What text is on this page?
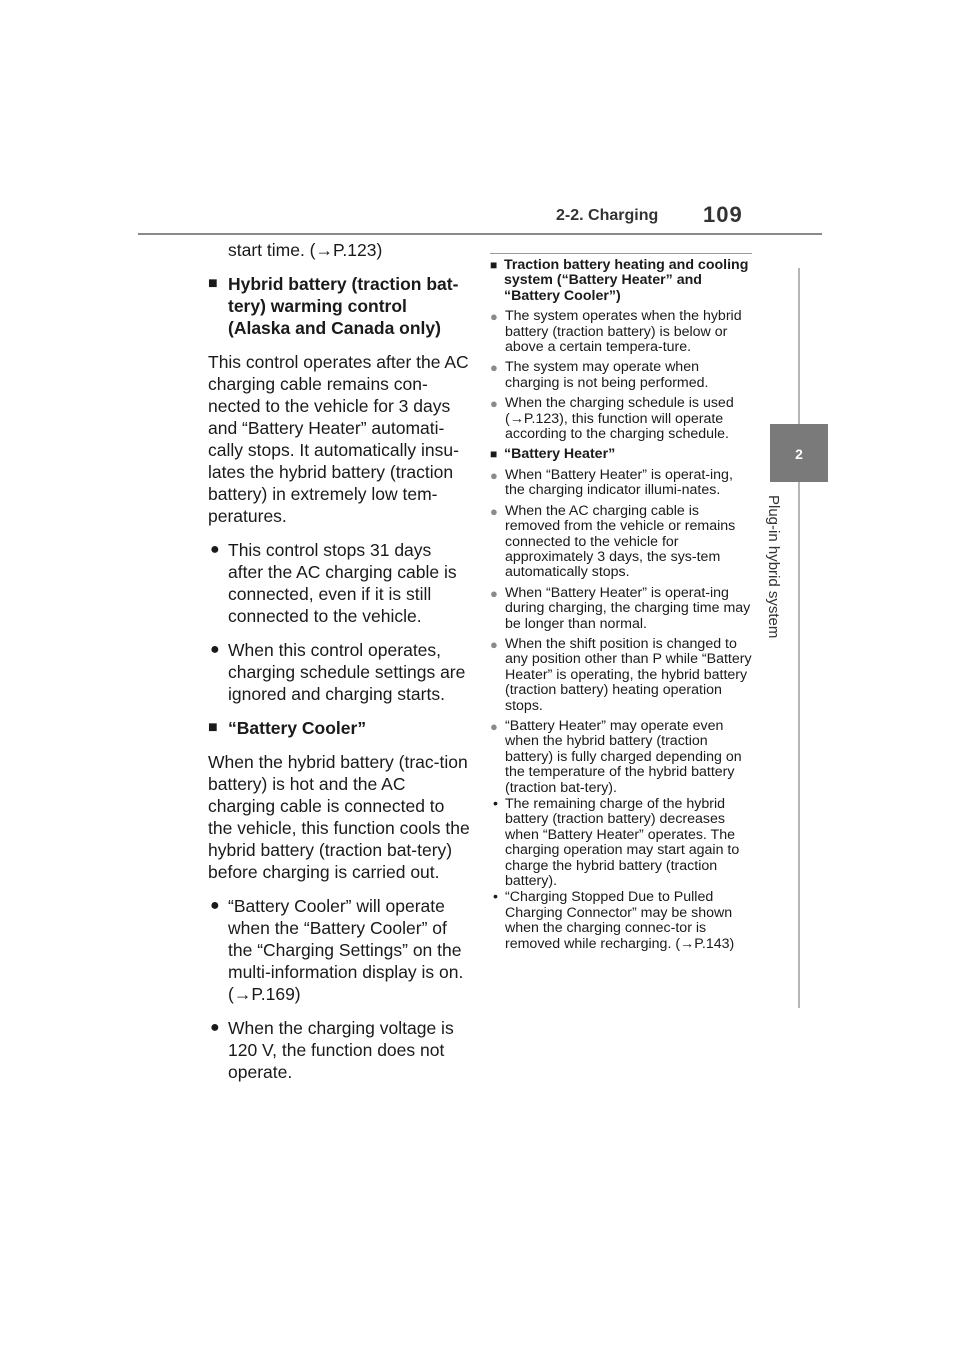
2-2. Charging 109
2
Plug-in hybrid system

start time. (→P.123)

■ Hybrid battery (traction bat-tery) warming control (Alaska and Canada only)

This control operates after the AC charging cable remains con-nected to the vehicle for 3 days and “Battery Heater” automati-cally stops. It automatically insu-lates the hybrid battery (traction battery) in extremely low tem-peratures.

● This control stops 31 days after the AC charging cable is connected, even if it is still connected to the vehicle.
● When this control operates, charging schedule settings are ignored and charging starts.
■ “Battery Cooler”

When the hybrid battery (trac-tion battery) is hot and the AC charging cable is connected to the vehicle, this function cools the hybrid battery (traction bat-tery) before charging is carried out.

● “Battery Cooler” will operate when the “Battery Cooler” of the “Charging Settings” on the multi-information display is on. (→P.169)
● When the charging voltage is 120 V, the function does not operate.
■ Traction battery heating and cooling system (“Battery Heater” and “Battery Cooler”)
● The system operates when the hybrid battery (traction battery) is below or above a certain tempera-ture.
● The system may operate when charging is not being performed.
● When the charging schedule is used (→P.123), this function will operate according to the charging schedule.
■ “Battery Heater”
● When “Battery Heater” is operat-ing, the charging indicator illumi-nates.
● When the AC charging cable is removed from the vehicle or remains connected to the vehicle for approximately 3 days, the sys-tem automatically stops.
● When “Battery Heater” is operat-ing during charging, the charging time may be longer than normal.
● When the shift position is changed to any position other than P while “Battery Heater” is operating, the hybrid battery (traction battery) heating operation stops.
● “Battery Heater” may operate even when the hybrid battery (traction battery) is fully charged depending on the temperature of the hybrid battery (traction bat-tery).
• The remaining charge of the hybrid battery (traction battery) decreases when “Battery Heater” operates. The charging operation may start again to charge the hybrid battery (traction battery).
• “Charging Stopped Due to Pulled Charging Connector” may be shown when the charging connec-tor is removed while recharging. (→P.143)
